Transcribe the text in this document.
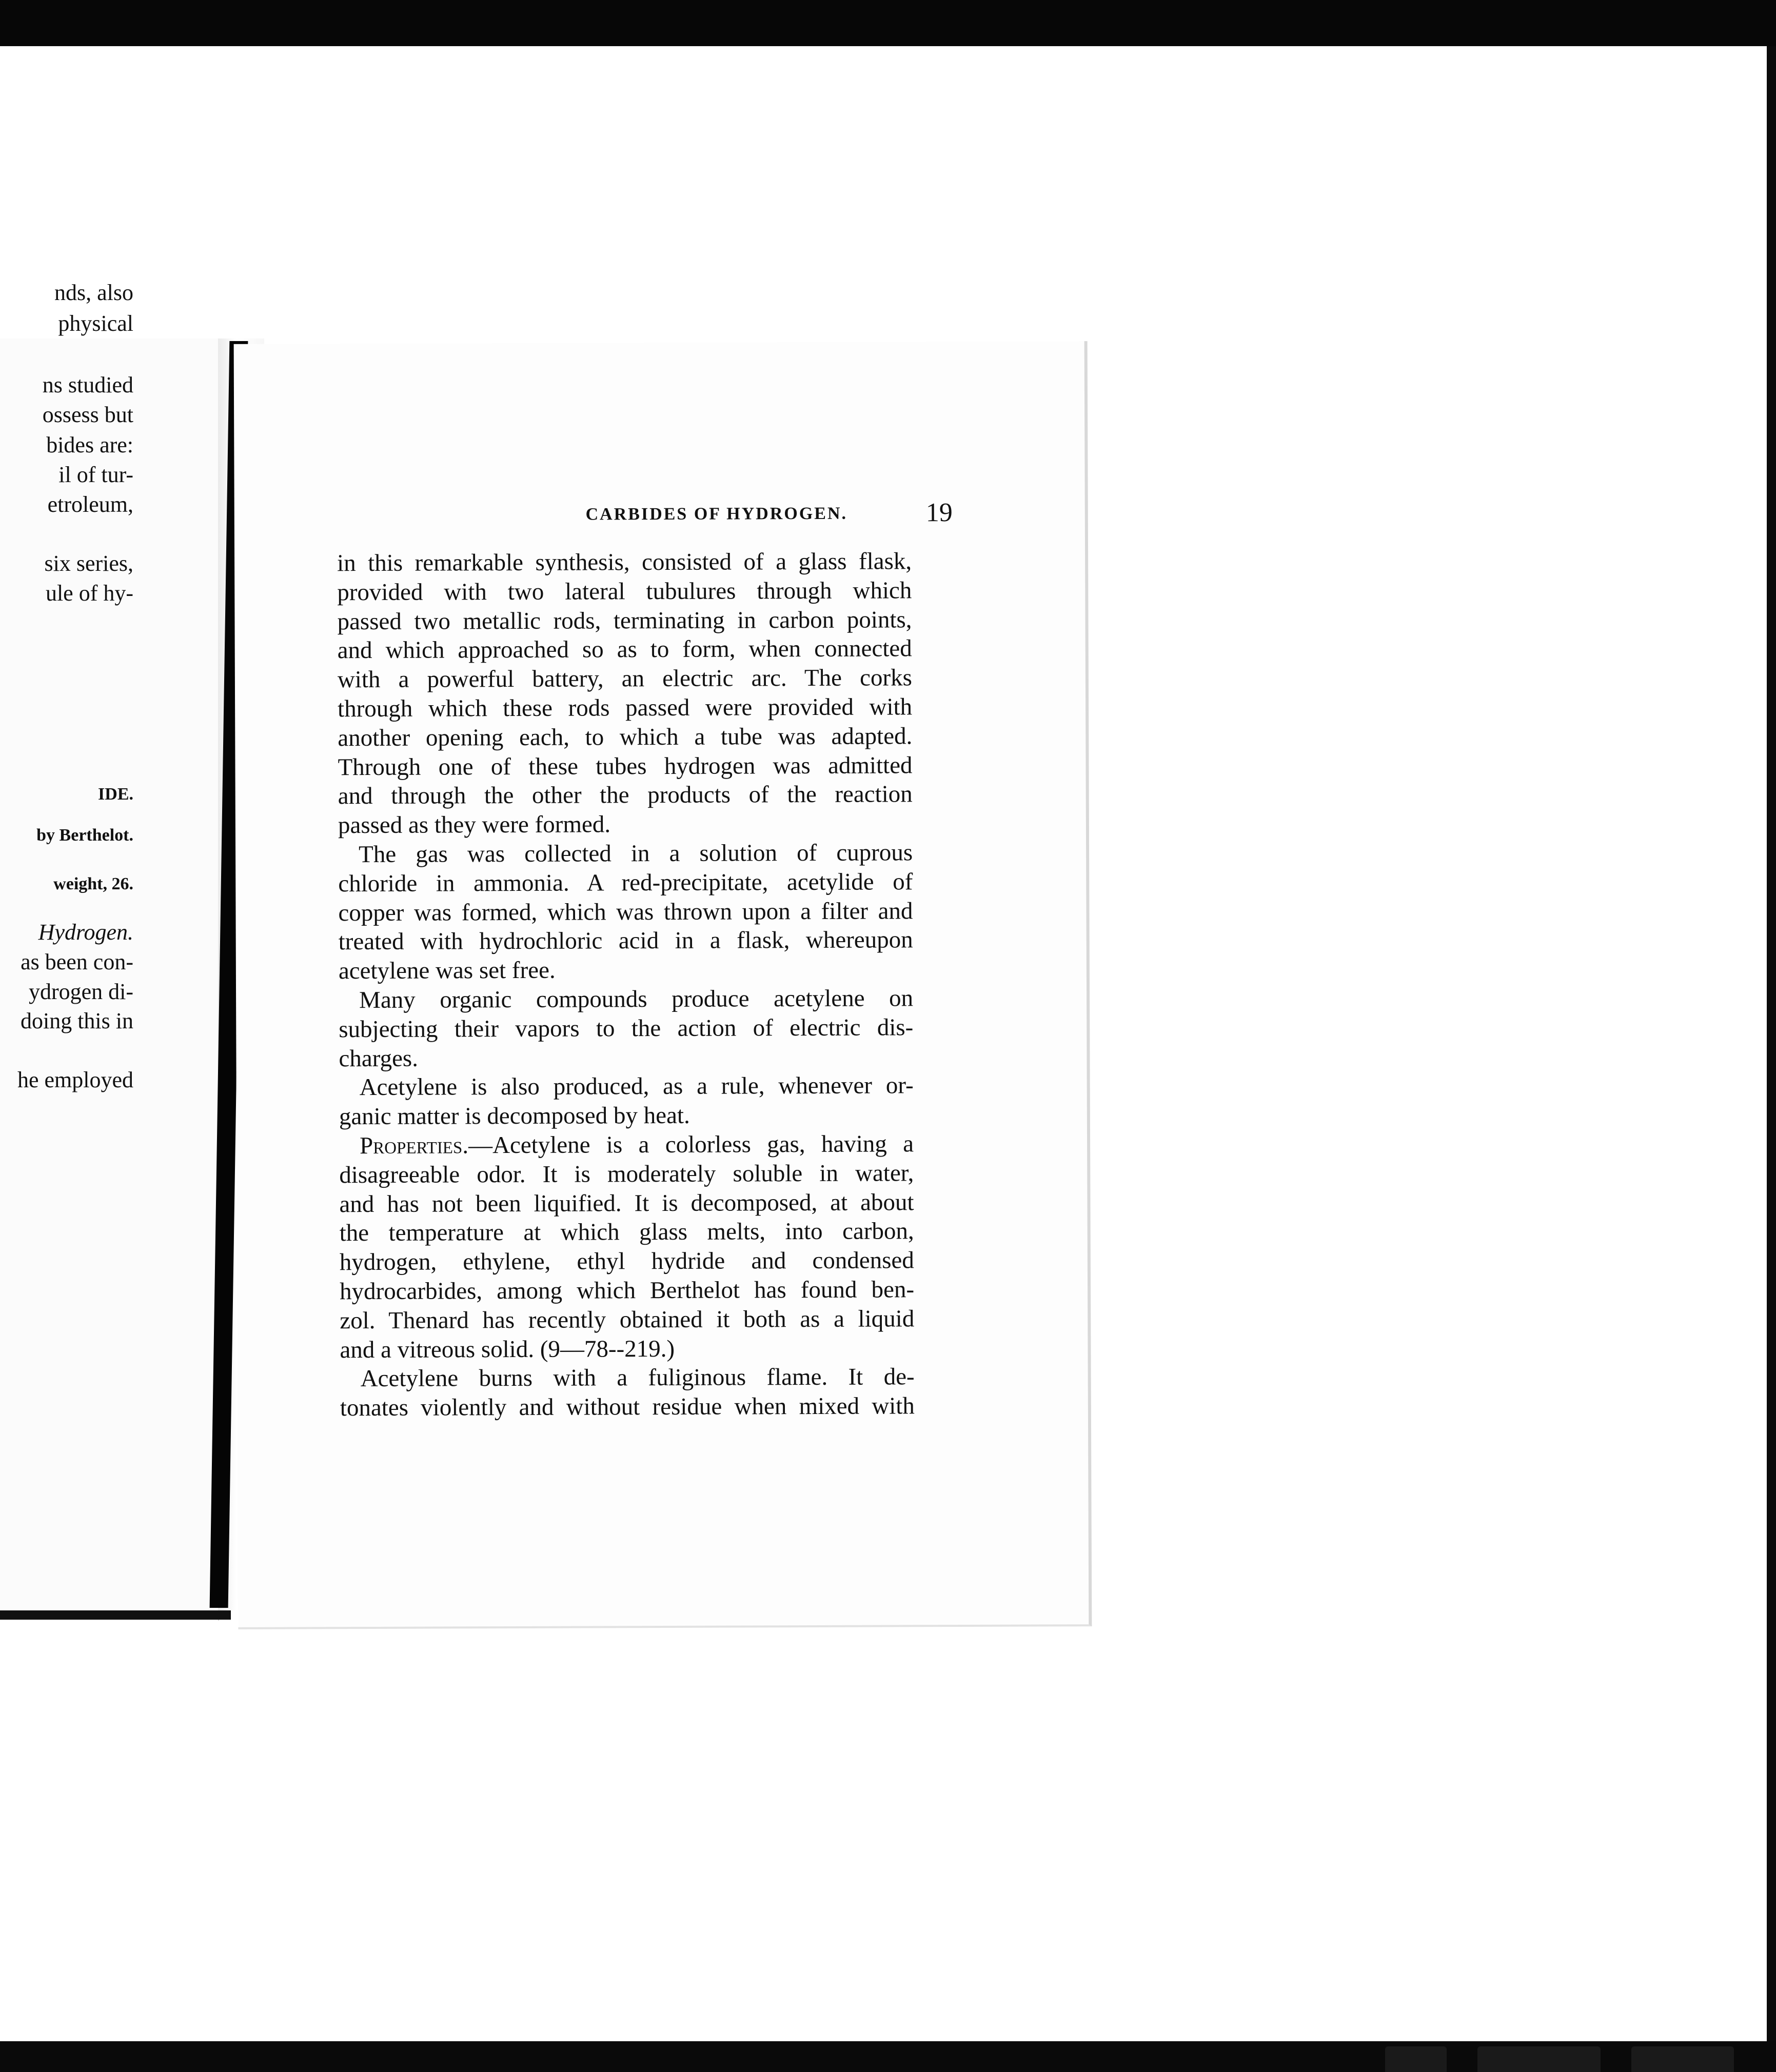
nds, also
physical
ns studied
ossess but
bides are:
il of tur-
etroleum,
six series,
ule of hy-
IDE.
by Berthelot.
weight, 26.
Hydrogen.
as been con-
ydrogen di-
doing this in
he employed
CARBIDES OF HYDROGEN.	19
in this remarkable synthesis, consisted of a glass flask,
provided with two lateral tubulures through which
passed two metallic rods, terminating in carbon points,
and which approached so as to form, when connected
with a powerful battery, an electric arc. The corks
through which these rods passed were provided with
another opening each, to which a tube was adapted.
Through one of these tubes hydrogen was admitted
and through the other the products of the reaction
passed as they were formed.
The gas was collected in a solution of cuprous
chloride in ammonia. A red-precipitate, acetylide of
copper was formed, which was thrown upon a filter and
treated with hydrochloric acid in a flask, whereupon
acetylene was set free.
Many organic compounds produce acetylene on
subjecting their vapors to the action of electric dis-
charges.
Acetylene is also produced, as a rule, whenever or-
ganic matter is decomposed by heat.
Properties.—Acetylene is a colorless gas, having a
disagreeable odor. It is moderately soluble in water,
and has not been liquified. It is decomposed, at about
the temperature at which glass melts, into carbon,
hydrogen, ethylene, ethyl hydride and condensed
hydrocarbides, among which Berthelot has found ben-
zol. Thenard has recently obtained it both as a liquid
and a vitreous solid. (9—78--219.)
Acetylene burns with a fuliginous flame. It de-
tonates violently and without residue when mixed with
